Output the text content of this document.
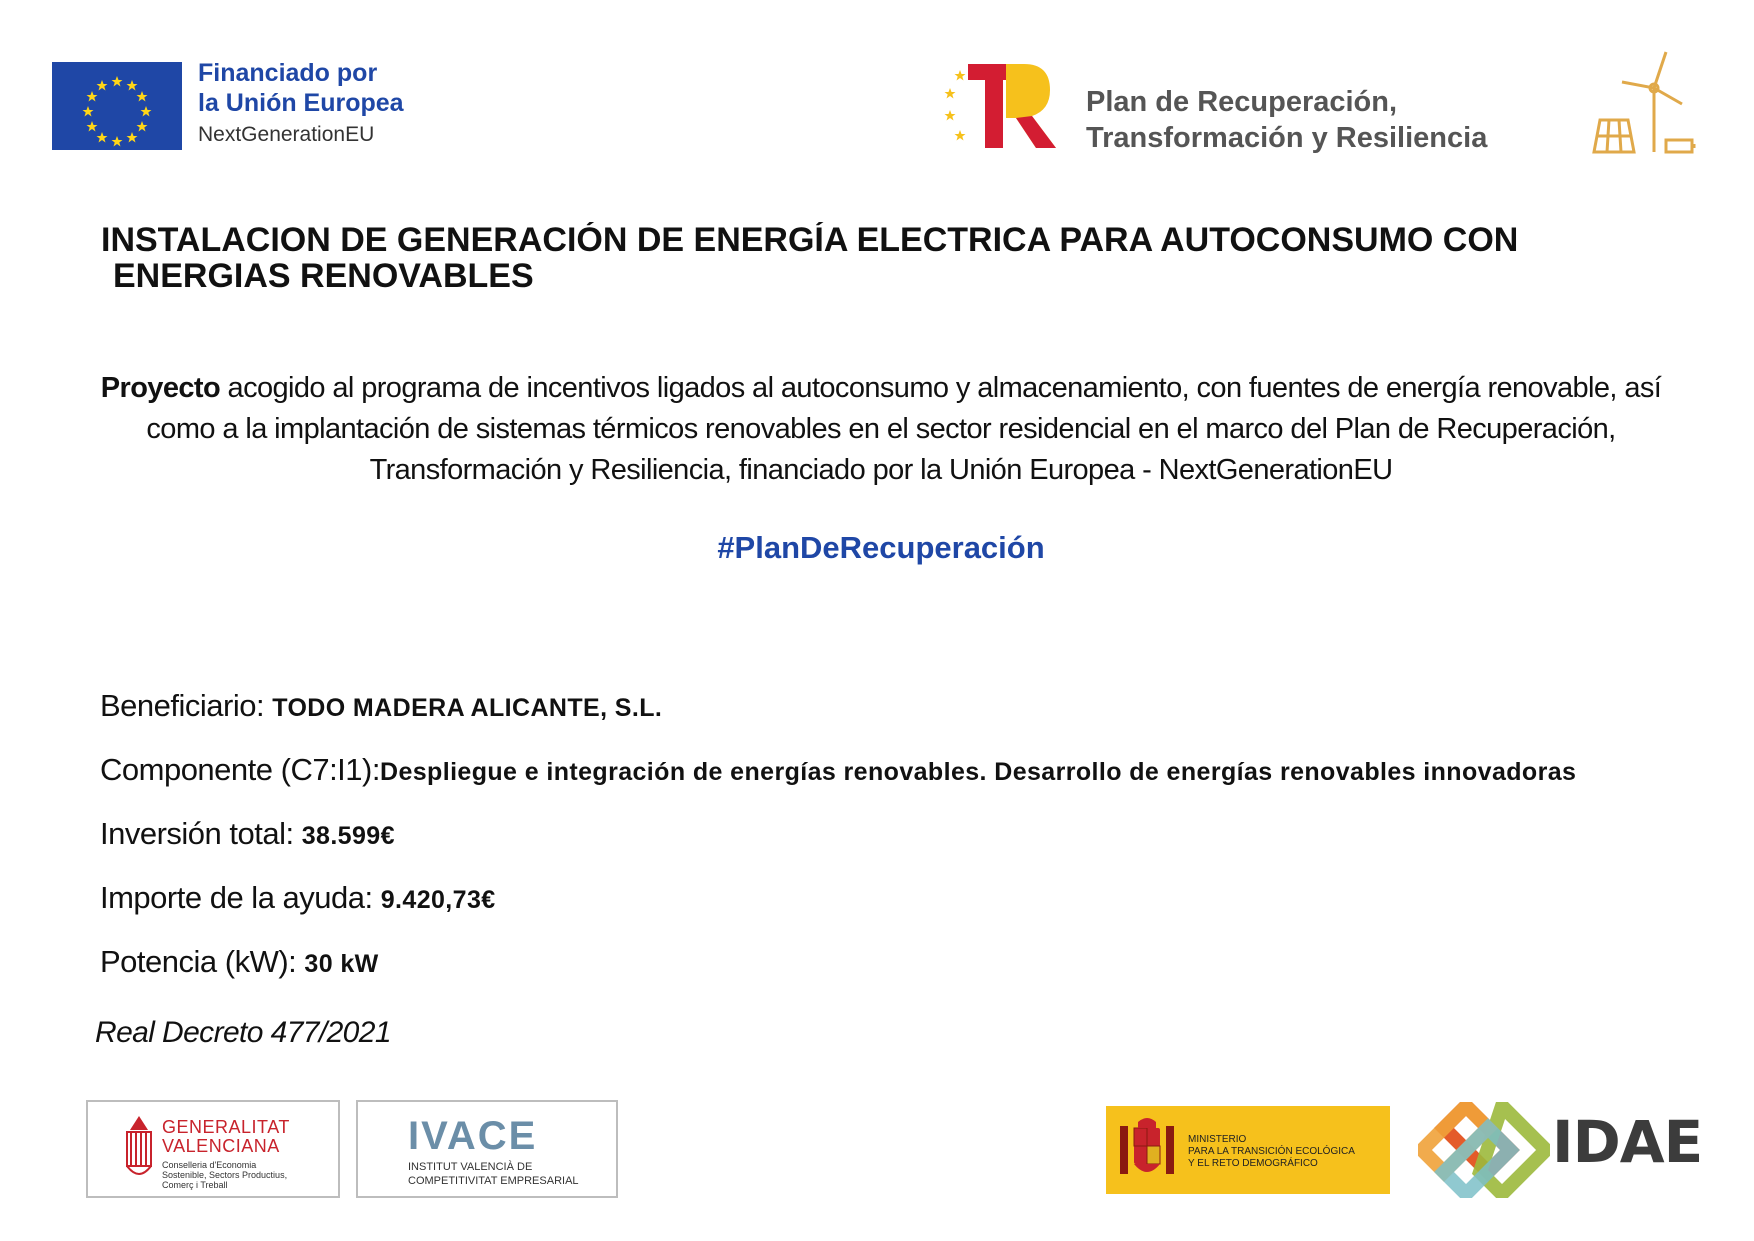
Financiado por
la Unión Europea
NextGenerationEU
Plan de Recuperación,
Transformación y Resiliencia
INSTALACION DE GENERACIÓN DE ENERGÍA ELECTRICA PARA AUTOCONSUMO CON
ENERGIAS RENOVABLES
Proyecto acogido al programa de incentivos ligados al autoconsumo y almacenamiento, con fuentes de energía renovable, así como a la implantación de sistemas térmicos renovables en el sector residencial en el marco del Plan de Recuperación, Transformación y Resiliencia, financiado por la Unión Europea - NextGenerationEU
#PlanDeRecuperación
Beneficiario: TODO MADERA ALICANTE, S.L.
Componente (C7:I1):Despliegue e integración de energías renovables. Desarrollo de energías renovables innovadoras
Inversión total: 38.599€
Importe de la ayuda: 9.420,73€
Potencia (kW): 30 kW
Real Decreto 477/2021
GENERALITAT
VALENCIANA
Conselleria d'Economia
Sostenible, Sectors Productius,
Comerç i Treball
IVACE
INSTITUT VALENCIÀ DE
COMPETITIVITAT EMPRESARIAL
MINISTERIO
PARA LA TRANSICIÓN ECOLÓGICA
Y EL RETO DEMOGRÁFICO	IDAE
